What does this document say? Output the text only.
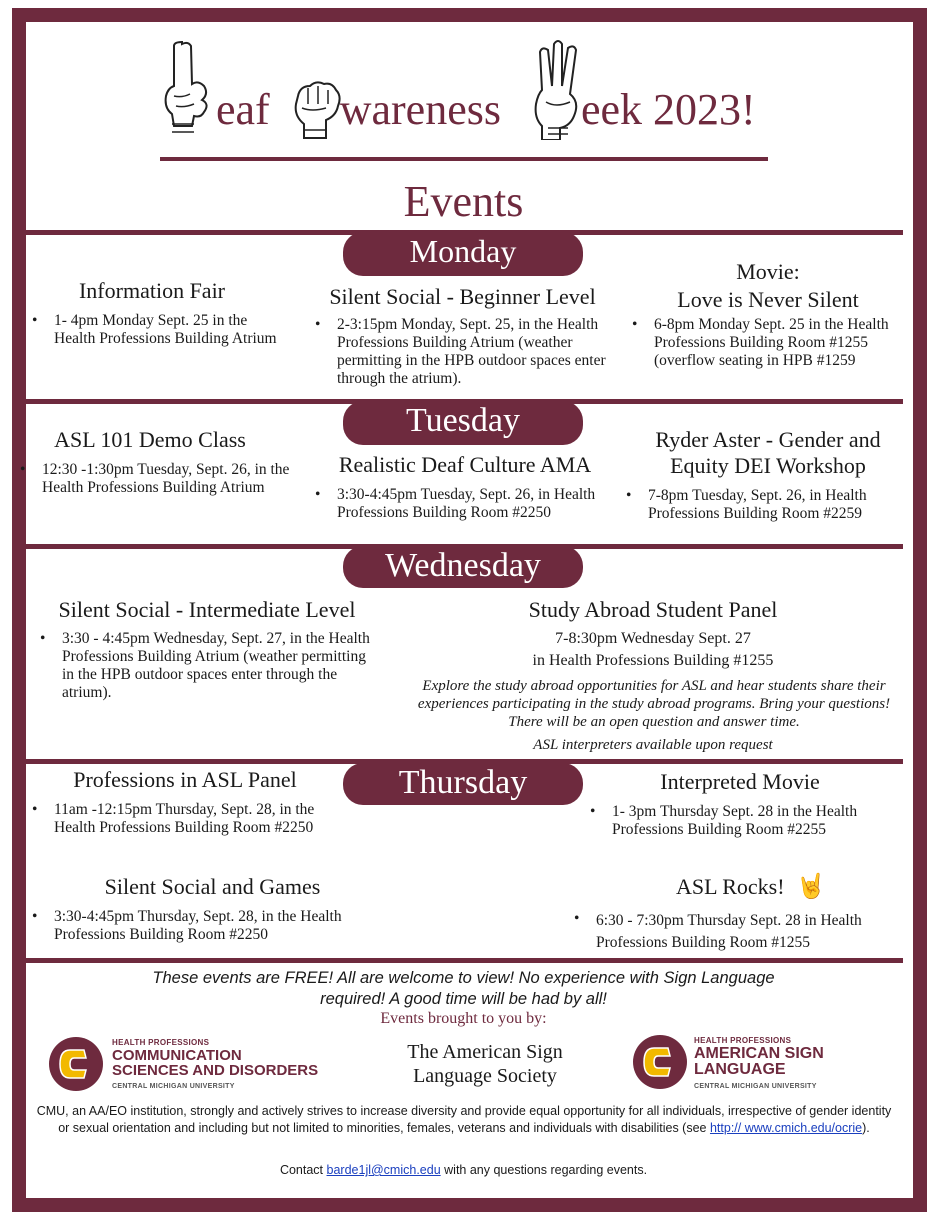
eaf wareness eek 2023!
Events
Monday
Information Fair
• 1- 4pm Monday Sept. 25 in the Health Professions Building Atrium
Silent Social - Beginner Level
• 2-3:15pm Monday, Sept. 25, in the Health Professions Building Atrium (weather permitting in the HPB outdoor spaces enter through the atrium).
Movie:
Love is Never Silent
• 6-8pm Monday Sept. 25 in the Health Professions Building Room #1255 (overflow seating in HPB #1259
Tuesday
ASL 101 Demo Class
• 12:30 -1:30pm Tuesday, Sept. 26, in the Health Professions Building Atrium
Realistic Deaf Culture AMA
• 3:30-4:45pm Tuesday, Sept. 26, in Health Professions Building Room #2250
Ryder Aster - Gender and
Equity DEI Workshop
• 7-8pm Tuesday, Sept. 26, in Health Professions Building Room #2259
Wednesday
Silent Social - Intermediate Level
• 3:30 - 4:45pm Wednesday, Sept. 27, in the Health Professions Building Atrium (weather permitting in the HPB outdoor spaces enter through the atrium).
Study Abroad Student Panel
7-8:30pm Wednesday Sept. 27
in Health Professions Building #1255
Explore the study abroad opportunities for ASL and hear students share their experiences participating in the study abroad programs. Bring your questions! There will be an open question and answer time.
ASL interpreters available upon request
Thursday
Professions in ASL Panel
• 11am -12:15pm Thursday, Sept. 28, in the Health Professions Building Room #2250
Interpreted Movie
• 1- 3pm Thursday Sept. 28 in the Health Professions Building Room #2255
Silent Social and Games
• 3:30-4:45pm Thursday, Sept. 28, in the Health Professions Building Room #2250
ASL Rocks! 🤘
• 6:30 - 7:30pm Thursday Sept. 28 in Health Professions Building Room #1255
These events are FREE! All are welcome to view! No experience with Sign Language
required! A good time will be had by all!
Events brought to you by:
HEALTH PROFESSIONS
COMMUNICATION
SCIENCES AND DISORDERS
CENTRAL MICHIGAN UNIVERSITY
The American Sign
Language Society
HEALTH PROFESSIONS
AMERICAN SIGN
LANGUAGE
CENTRAL MICHIGAN UNIVERSITY
CMU, an AA/EO institution, strongly and actively strives to increase diversity and provide equal opportunity for all individuals, irrespective of gender identity or sexual orientation and including but not limited to minorities, females, veterans and individuals with disabilities (see http:// www.cmich.edu/ocrie).
Contact barde1jl@cmich.edu with any questions regarding events.
